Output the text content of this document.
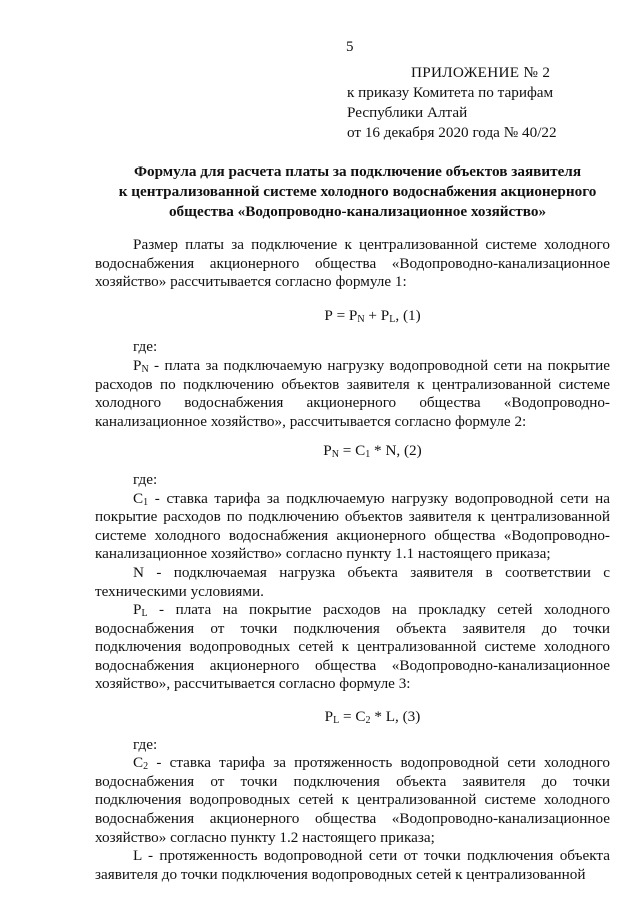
5
ПРИЛОЖЕНИЕ № 2
к приказу Комитета по тарифам
Республики Алтай
от 16 декабря 2020 года № 40/22
Формула для расчета платы за подключение объектов заявителя
к централизованной системе холодного водоснабжения акционерного
общества «Водопроводно-канализационное хозяйство»

Размер платы за подключение к централизованной системе холодного водоснабжения акционерного общества «Водопроводно-канализационное хозяйство» рассчитывается согласно формуле 1:

$Р = Р_N + Р_L$, (1)

где:

$Р_N$ - плата за подключаемую нагрузку водопроводной сети на покрытие расходов по подключению объектов заявителя к централизованной системе холодного водоснабжения акционерного общества «Водопроводно-канализационное хозяйство», рассчитывается согласно формуле 2:

$Р_N = С_1 * N$, (2)

где:

$С_1$ - ставка тарифа за подключаемую нагрузку водопроводной сети на покрытие расходов по подключению объектов заявителя к централизованной системе холодного водоснабжения акционерного общества «Водопроводно-канализационное хозяйство» согласно пункту 1.1 настоящего приказа;

N - подключаемая нагрузка объекта заявителя в соответствии с техническими условиями.

$Р_L$ - плата на покрытие расходов на прокладку сетей холодного водоснабжения от точки подключения объекта заявителя до точки подключения водопроводных сетей к централизованной системе холодного водоснабжения акционерного общества «Водопроводно-канализационное хозяйство», рассчитывается согласно формуле 3:

$Р_L = С_2 * L$, (3)

где:

$С_2$ - ставка тарифа за протяженность водопроводной сети холодного водоснабжения от точки подключения объекта заявителя до точки подключения водопроводных сетей к централизованной системе холодного водоснабжения акционерного общества «Водопроводно-канализационное хозяйство» согласно пункту 1.2 настоящего приказа;

L - протяженность водопроводной сети от точки подключения объекта заявителя до точки подключения водопроводных сетей к централизованной
